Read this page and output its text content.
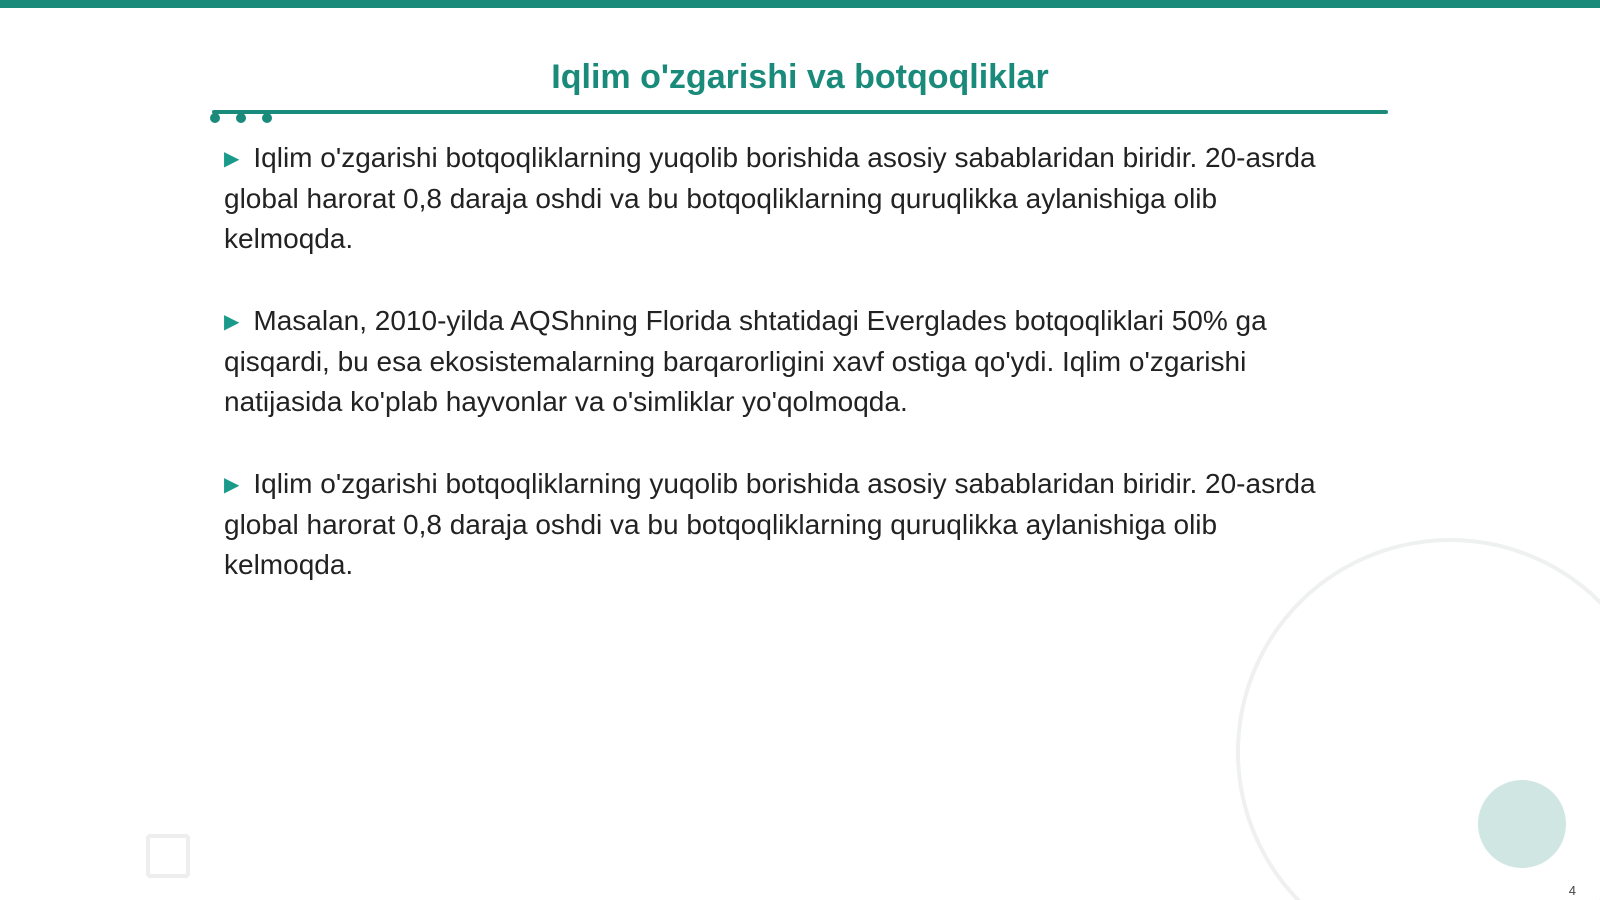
Iqlim o'zgarishi va botqoqliklar

▶ Iqlim o'zgarishi botqoqliklarning yuqolib borishida asosiy sabablaridan biridir. 20-asrda global harorat 0,8 daraja oshdi va bu botqoqliklarning quruqlikka aylanishiga olib kelmoqda.

▶ Masalan, 2010-yilda AQShning Florida shtatidagi Everglades botqoqliklari 50% ga qisqardi, bu esa ekosistemalarning barqarorligini xavf ostiga qo'ydi. Iqlim o'zgarishi natijasida ko'plab hayvonlar va o'simliklar yo'qolmoqda.

▶ Iqlim o'zgarishi botqoqliklarning yuqolib borishida asosiy sabablaridan biridir. 20-asrda global harorat 0,8 daraja oshdi va bu botqoqliklarning quruqlikka aylanishiga olib kelmoqda.

4
